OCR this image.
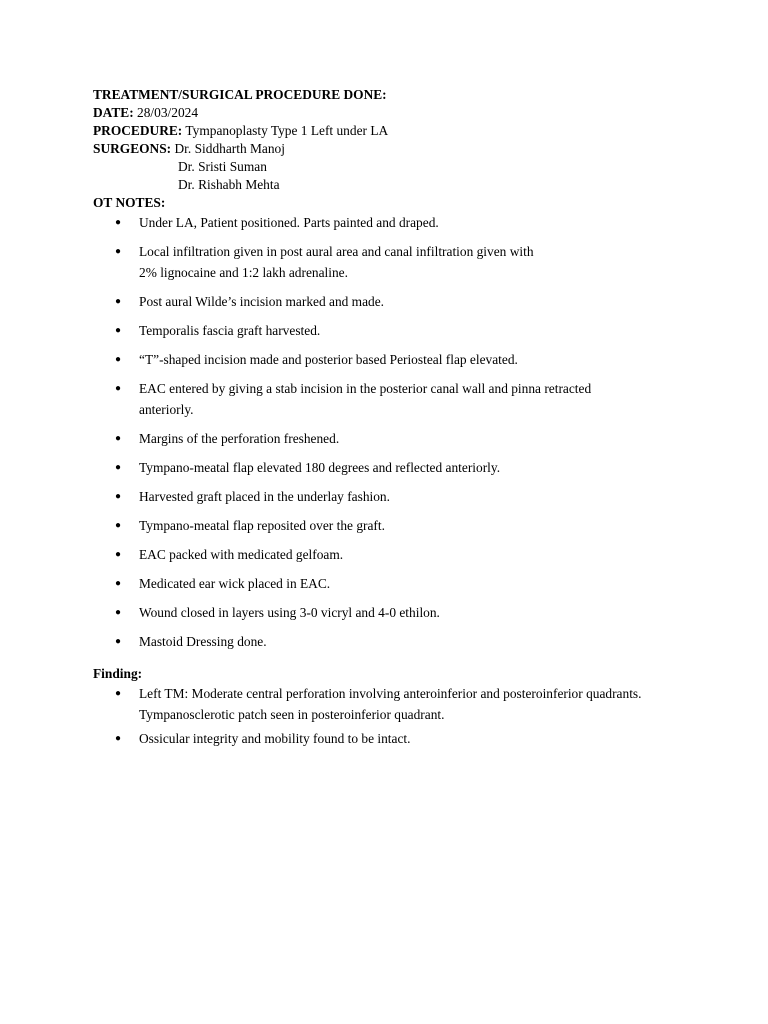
TREATMENT/SURGICAL PROCEDURE DONE:
DATE: 28/03/2024
PROCEDURE: Tympanoplasty Type 1 Left under LA
SURGEONS: Dr. Siddharth Manoj
Dr. Sristi Suman
Dr. Rishabh Mehta
OT NOTES:
● Under LA, Patient positioned. Parts painted and draped.
● Local infiltration given in post aural area and canal infiltration given with
2% lignocaine and 1:2 lakh adrenaline.
● Post aural Wilde’s incision marked and made.
● Temporalis fascia graft harvested.
● “T”-shaped incision made and posterior based Periosteal flap elevated.
● EAC entered by giving a stab incision in the posterior canal wall and pinna retracted
anteriorly.
● Margins of the perforation freshened.
● Tympano-meatal flap elevated 180 degrees and reflected anteriorly.
● Harvested graft placed in the underlay fashion.
● Tympano-meatal flap reposited over the graft.
● EAC packed with medicated gelfoam.
● Medicated ear wick placed in EAC.
● Wound closed in layers using 3-0 vicryl and 4-0 ethilon.
● Mastoid Dressing done.
Finding:
● Left TM: Moderate central perforation involving anteroinferior and posteroinferior quadrants.
Tympanosclerotic patch seen in posteroinferior quadrant.
● Ossicular integrity and mobility found to be intact.
